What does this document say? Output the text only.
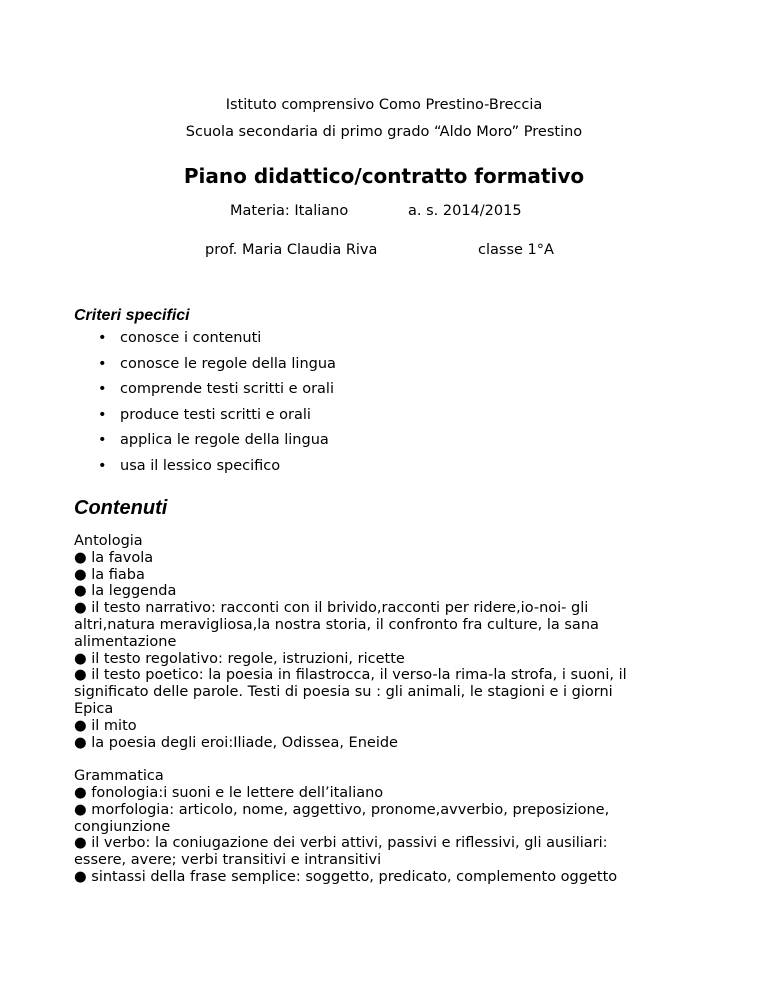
Istituto comprensivo Como Prestino-Breccia
Scuola secondaria di primo grado “Aldo Moro” Prestino
Piano didattico/contratto formativo
Materia: Italiano	a. s. 2014/2015
prof. Maria Claudia Riva	classe 1°A
Criteri specifici
• conosce i contenuti
• conosce le regole della lingua
• comprende testi scritti e orali
• produce testi scritti e orali
• applica le regole della lingua
• usa il lessico specifico
Contenuti

Antologia

● la favola

● la fiaba

● la leggenda

● il testo narrativo: racconti con il brivido,racconti per ridere,io-noi- gli

altri,natura meravigliosa,la nostra storia, il confronto fra culture, la sana

alimentazione

● il testo regolativo: regole, istruzioni, ricette

● il testo poetico: la poesia in filastrocca, il verso-la rima-la strofa, i suoni, il

significato delle parole. Testi di poesia su : gli animali, le stagioni e i giorni

Epica

● il mito

● la poesia degli eroi:Iliade, Odissea, Eneide

Grammatica

● fonologia:i suoni e le lettere dell’italiano

● morfologia: articolo, nome, aggettivo, pronome,avverbio, preposizione,

congiunzione

● il verbo: la coniugazione dei verbi attivi, passivi e riflessivi, gli ausiliari:

essere, avere; verbi transitivi e intransitivi

● sintassi della frase semplice: soggetto, predicato, complemento oggetto
